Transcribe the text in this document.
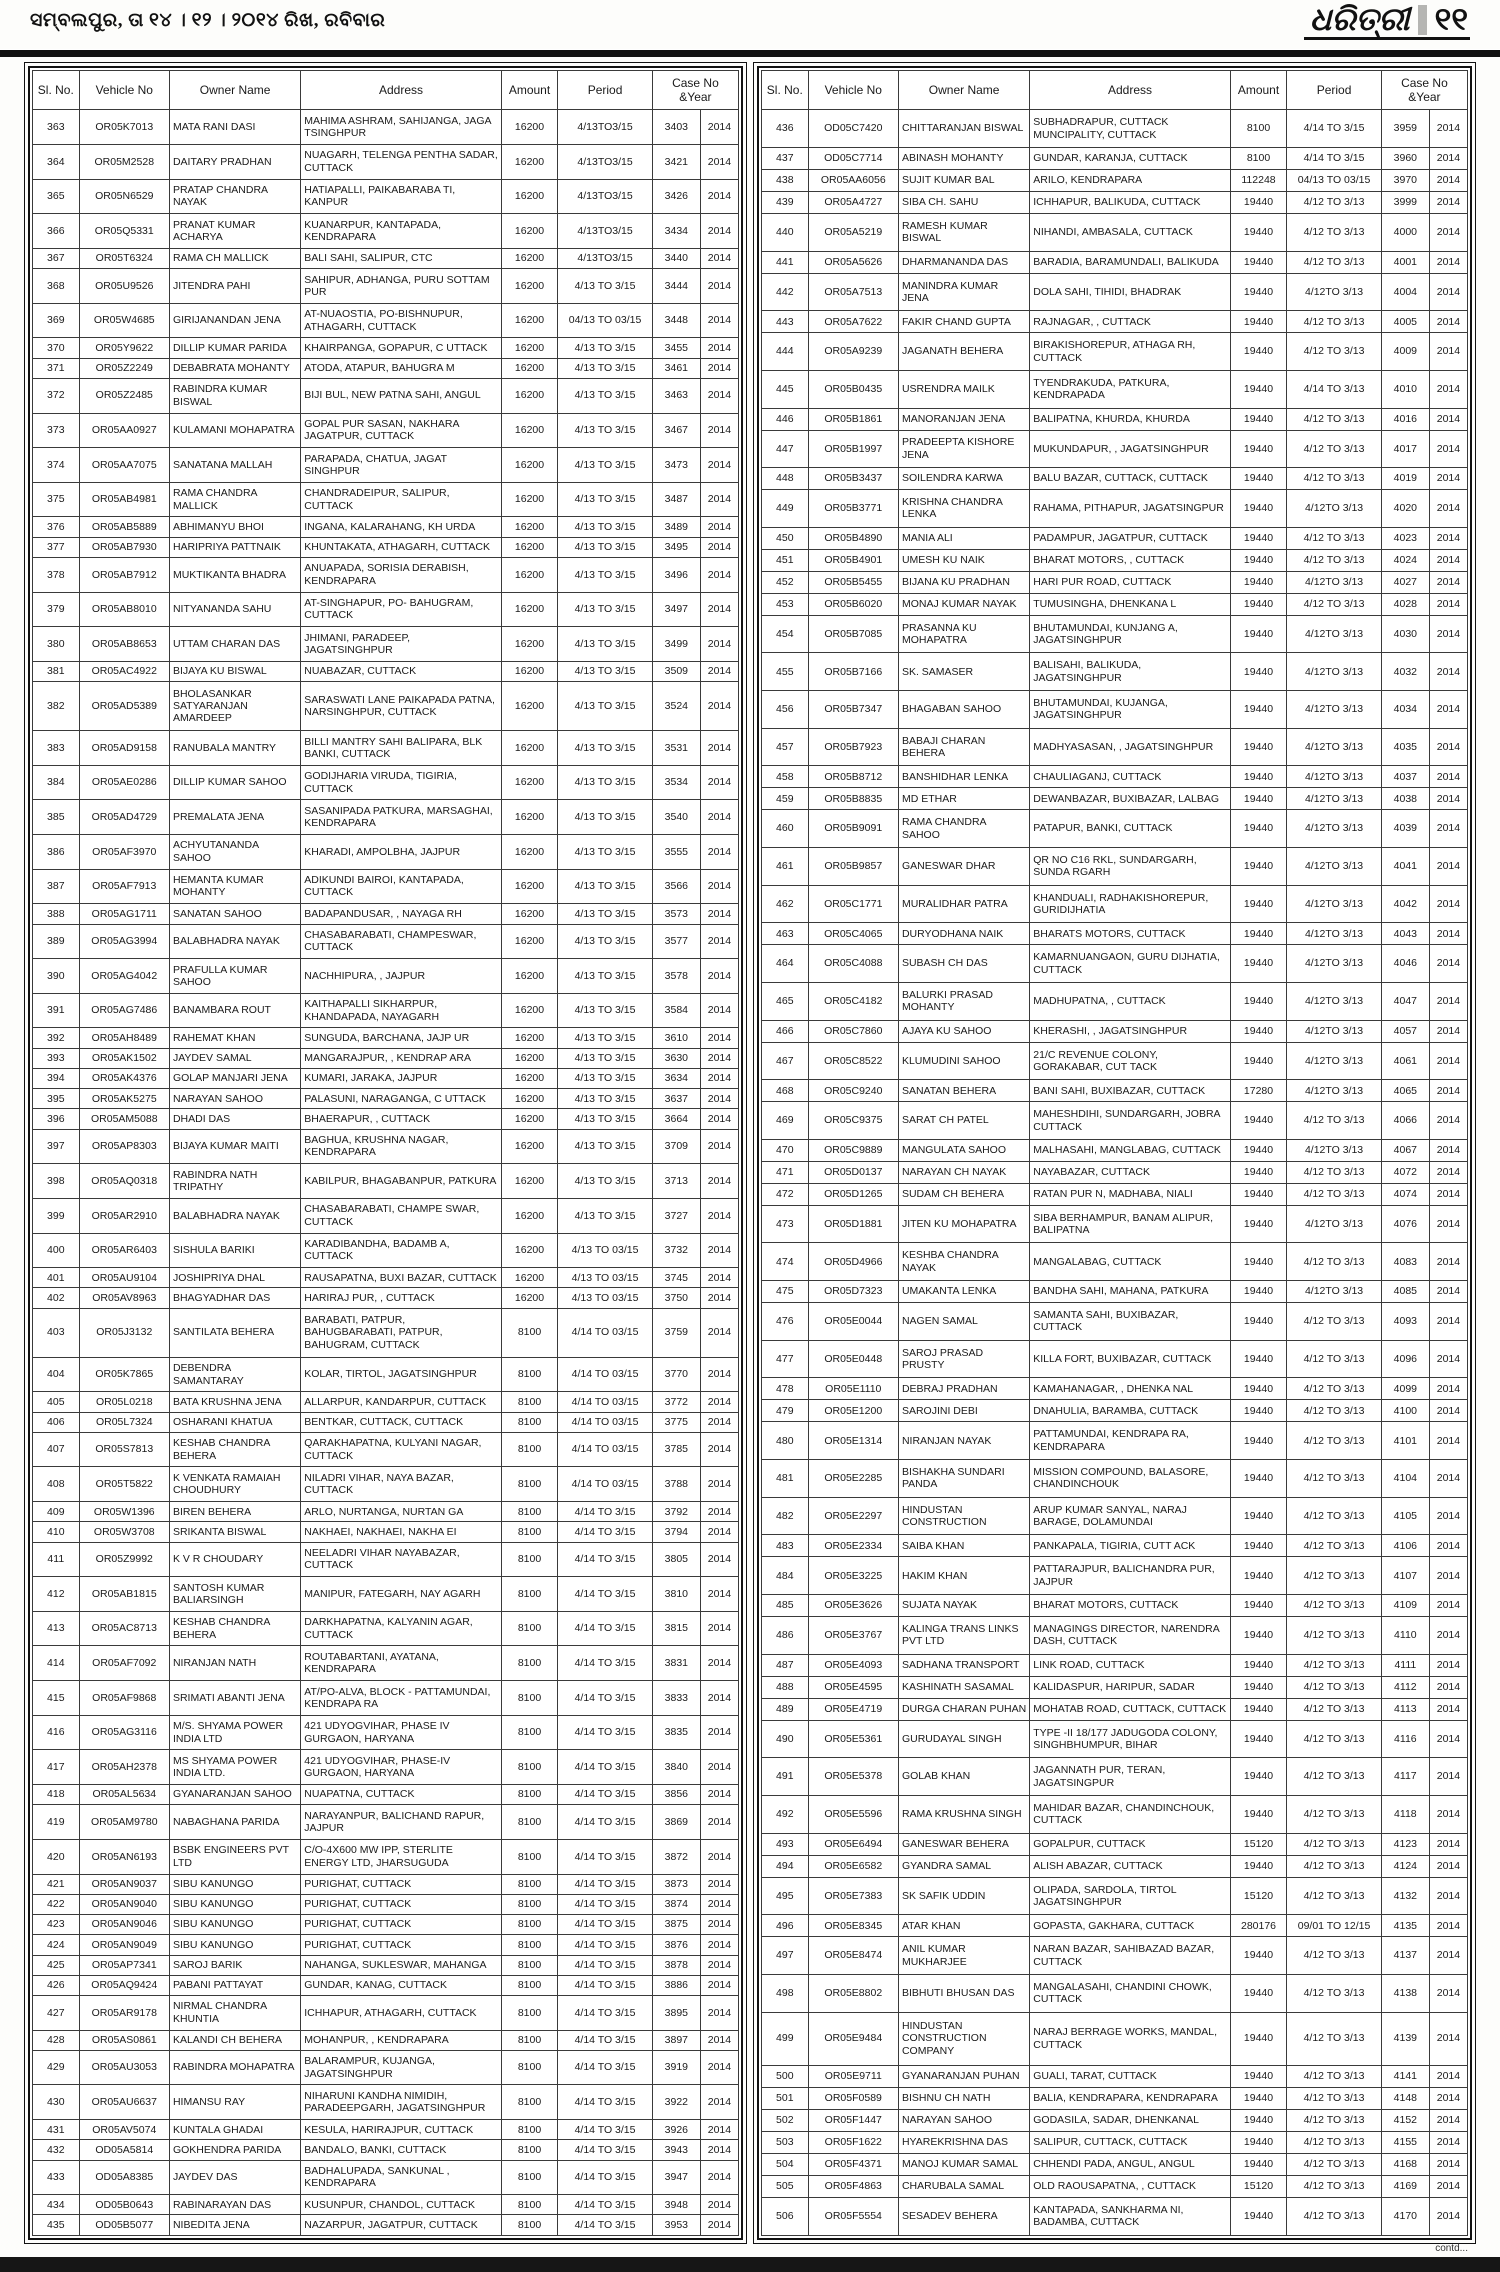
ସମ୍ବଲପୁର, ତା ୧୪ । ୧୨ । ୨୦୧୪ ରିଖ, ରବିବାର	ଧରିତ୍ରୀ ୧୧
Sl. No.	Vehicle No	Owner Name	Address	Amount	Period	Case No &Year	
363	OR05K7013	MATA RANI DASI	MAHIMA ASHRAM, SAHIJANGA, JAGA TSINGHPUR	16200	4/13TO3/15	3403	2014
364	OR05M2528	DAITARY PRADHAN	NUAGARH, TELENGA PENTHA SADAR, CUTTACK	16200	4/13TO3/15	3421	2014
365	OR05N6529	PRATAP CHANDRA NAYAK	HATIAPALLI, PAIKABARABA TI, KANPUR	16200	4/13TO3/15	3426	2014
366	OR05Q5331	PRANAT KUMAR ACHARYA	KUANARPUR, KANTAPADA, KENDRAPARA	16200	4/13TO3/15	3434	2014
367	OR05T6324	RAMA CH MALLICK	BALI SAHI, SALIPUR, CTC	16200	4/13TO3/15	3440	2014
368	OR05U9526	JITENDRA PAHI	SAHIPUR, ADHANGA, PURU SOTTAM PUR	16200	4/13 TO 3/15	3444	2014
369	OR05W4685	GIRIJANANDAN JENA	AT-NUAOSTIA, PO-BISHNUPUR, ATHAGARH, CUTTACK	16200	04/13 TO 03/15	3448	2014
370	OR05Y9622	DILLIP KUMAR PARIDA	KHAIRPANGA, GOPAPUR, C UTTACK	16200	4/13 TO 3/15	3455	2014
371	OR05Z2249	DEBABRATA MOHANTY	ATODA, ATAPUR, BAHUGRA M	16200	4/13 TO 3/15	3461	2014
372	OR05Z2485	RABINDRA KUMAR BISWAL	BIJI BUL, NEW PATNA SAHI, ANGUL	16200	4/13 TO 3/15	3463	2014
373	OR05AA0927	KULAMANI MOHAPATRA	GOPAL PUR SASAN, NAKHARA JAGATPUR, CUTTACK	16200	4/13 TO 3/15	3467	2014
374	OR05AA7075	SANATANA MALLAH	PARAPADA, CHATUA, JAGAT SINGHPUR	16200	4/13 TO 3/15	3473	2014
375	OR05AB4981	RAMA CHANDRA MALLICK	CHANDRADEIPUR, SALIPUR, CUTTACK	16200	4/13 TO 3/15	3487	2014
376	OR05AB5889	ABHIMANYU BHOI	INGANA, KALARAHANG, KH URDA	16200	4/13 TO 3/15	3489	2014
377	OR05AB7930	HARIPRIYA PATTNAIK	KHUNTAKATA, ATHAGARH, CUTTACK	16200	4/13 TO 3/15	3495	2014
378	OR05AB7912	MUKTIKANTA BHADRA	ANUAPADA, SORISIA DERABISH, KENDRAPARA	16200	4/13 TO 3/15	3496	2014
379	OR05AB8010	NITYANANDA SAHU	AT-SINGHAPUR, PO- BAHUGRAM, CUTTACK	16200	4/13 TO 3/15	3497	2014
380	OR05AB8653	UTTAM CHARAN DAS	JHIMANI, PARADEEP, JAGATSINGHPUR	16200	4/13 TO 3/15	3499	2014
381	OR05AC4922	BIJAYA KU BISWAL	NUABAZAR, CUTTACK	16200	4/13 TO 3/15	3509	2014
382	OR05AD5389	BHOLASANKAR SATYARANJAN AMARDEEP	SARASWATI LANE PAIKAPADA PATNA, NARSINGHPUR, CUTTACK	16200	4/13 TO 3/15	3524	2014
383	OR05AD9158	RANUBALA MANTRY	BILLI MANTRY SAHI BALIPARA, BLK BANKI, CUTTACK	16200	4/13 TO 3/15	3531	2014
384	OR05AE0286	DILLIP KUMAR SAHOO	GODIJHARIA VIRUDA, TIGIRIA, CUTTACK	16200	4/13 TO 3/15	3534	2014
385	OR05AD4729	PREMALATA JENA	SASANIPADA PATKURA, MARSAGHAI, KENDRAPARA	16200	4/13 TO 3/15	3540	2014
386	OR05AF3970	ACHYUTANANDA SAHOO	KHARADI, AMPOLBHA, JAJPUR	16200	4/13 TO 3/15	3555	2014
387	OR05AF7913	HEMANTA KUMAR MOHANTY	ADIKUNDI BAIROI, KANTAPADA, CUTTACK	16200	4/13 TO 3/15	3566	2014
388	OR05AG1711	SANATAN SAHOO	BADAPANDUSAR, , NAYAGA RH	16200	4/13 TO 3/15	3573	2014
389	OR05AG3994	BALABHADRA NAYAK	CHASABARABATI, CHAMPESWAR, CUTTACK	16200	4/13 TO 3/15	3577	2014
390	OR05AG4042	PRAFULLA KUMAR SAHOO	NACHHIPURA, , JAJPUR	16200	4/13 TO 3/15	3578	2014
391	OR05AG7486	BANAMBARA ROUT	KAITHAPALLI SIKHARPUR, KHANDAPADA, NAYAGARH	16200	4/13 TO 3/15	3584	2014
392	OR05AH8489	RAHEMAT KHAN	SUNGUDA, BARCHANA, JAJP UR	16200	4/13 TO 3/15	3610	2014
393	OR05AK1502	JAYDEV SAMAL	MANGARAJPUR, , KENDRAP ARA	16200	4/13 TO 3/15	3630	2014
394	OR05AK4376	GOLAP MANJARI JENA	KUMARI, JARAKA, JAJPUR	16200	4/13 TO 3/15	3634	2014
395	OR05AK5275	NARAYAN SAHOO	PALASUNI, NARAGANGA, C UTTACK	16200	4/13 TO 3/15	3637	2014
396	OR05AM5088	DHADI DAS	BHAERAPUR, , CUTTACK	16200	4/13 TO 3/15	3664	2014
397	OR05AP8303	BIJAYA KUMAR MAITI	BAGHUA, KRUSHNA NAGAR, KENDRAPARA	16200	4/13 TO 3/15	3709	2014
398	OR05AQ0318	RABINDRA NATH TRIPATHY	KABILPUR, BHAGABANPUR, PATKURA	16200	4/13 TO 3/15	3713	2014
399	OR05AR2910	BALABHADRA NAYAK	CHASABARABATI, CHAMPE SWAR, CUTTACK	16200	4/13 TO 3/15	3727	2014
400	OR05AR6403	SISHULA BARIKI	KARADIBANDHA, BADAMB A, CUTTACK	16200	4/13 TO 03/15	3732	2014
401	OR05AU9104	JOSHIPRIYA DHAL	RAUSAPATNA, BUXI BAZAR, CUTTACK	16200	4/13 TO 03/15	3745	2014
402	OR05AV8963	BHAGYADHAR DAS	HARIRAJ PUR, , CUTTACK	16200	4/13 TO 03/15	3750	2014
403	OR05J3132	SANTILATA BEHERA	BARABATI, PATPUR, BAHUGBARABATI, PATPUR, BAHUGRAM, CUTTACK	8100	4/14 TO 03/15	3759	2014
404	OR05K7865	DEBENDRA SAMANTARAY	KOLAR, TIRTOL, JAGATSINGHPUR	8100	4/14 TO 03/15	3770	2014
405	OR05L0218	BATA KRUSHNA JENA	ALLARPUR, KANDARPUR, CUTTACK	8100	4/14 TO 03/15	3772	2014
406	OR05L7324	OSHARANI KHATUA	BENTKAR, CUTTACK, CUTTACK	8100	4/14 TO 03/15	3775	2014
407	OR05S7813	KESHAB CHANDRA BEHERA	QARAKHAPATNA, KULYANI NAGAR, CUTTACK	8100	4/14 TO 03/15	3785	2014
408	OR05T5822	K VENKATA RAMAIAH CHOUDHURY	NILADRI VIHAR, NAYA BAZAR, CUTTACK	8100	4/14 TO 03/15	3788	2014
409	OR05W1396	BIREN BEHERA	ARLO, NURTANGA, NURTAN GA	8100	4/14 TO 3/15	3792	2014
410	OR05W3708	SRIKANTA BISWAL	NAKHAEI, NAKHAEI, NAKHA EI	8100	4/14 TO 3/15	3794	2014
411	OR05Z9992	K V R CHOUDARY	NEELADRI VIHAR NAYABAZAR, CUTTACK	8100	4/14 TO 3/15	3805	2014
412	OR05AB1815	SANTOSH KUMAR BALIARSINGH	MANIPUR, FATEGARH, NAY AGARH	8100	4/14 TO 3/15	3810	2014
413	OR05AC8713	KESHAB CHANDRA BEHERA	DARKHAPATNA, KALYANIN AGAR, CUTTACK	8100	4/14 TO 3/15	3815	2014
414	OR05AF7092	NIRANJAN NATH	ROUTABARTANI, AYATANA, KENDRAPARA	8100	4/14 TO 3/15	3831	2014
415	OR05AF9868	SRIMATI ABANTI JENA	AT/PO-ALVA, BLOCK - PATTAMUNDAI, KENDRAPA RA	8100	4/14 TO 3/15	3833	2014
416	OR05AG3116	M/S. SHYAMA POWER INDIA LTD	421 UDYOGVIHAR, PHASE IV GURGAON, HARYANA	8100	4/14 TO 3/15	3835	2014
417	OR05AH2378	MS SHYAMA POWER INDIA LTD.	421 UDYOGVIHAR, PHASE-IV GURGAON, HARYANA	8100	4/14 TO 3/15	3840	2014
418	OR05AL5634	GYANARANJAN SAHOO	NUAPATNA, CUTTACK	8100	4/14 TO 3/15	3856	2014
419	OR05AM9780	NABAGHANA PARIDA	NARAYANPUR, BALICHAND RAPUR, JAJPUR	8100	4/14 TO 3/15	3869	2014
420	OR05AN6193	BSBK ENGINEERS PVT LTD	C/O-4X600 MW IPP, STERLITE ENERGY LTD, JHARSUGUDA	8100	4/14 TO 3/15	3872	2014
421	OR05AN9037	SIBU KANUNGO	PURIGHAT, CUTTACK	8100	4/14 TO 3/15	3873	2014
422	OR05AN9040	SIBU KANUNGO	PURIGHAT, CUTTACK	8100	4/14 TO 3/15	3874	2014
423	OR05AN9046	SIBU KANUNGO	PURIGHAT, CUTTACK	8100	4/14 TO 3/15	3875	2014
424	OR05AN9049	SIBU KANUNGO	PURIGHAT, CUTTACK	8100	4/14 TO 3/15	3876	2014
425	OR05AP7341	SAROJ BARIK	NAHANGA, SUKLESWAR, MAHANGA	8100	4/14 TO 3/15	3878	2014
426	OR05AQ9424	PABANI PATTAYAT	GUNDAR, KANAG, CUTTACK	8100	4/14 TO 3/15	3886	2014
427	OR05AR9178	NIRMAL CHANDRA KHUNTIA	ICHHAPUR, ATHAGARH, CUTTACK	8100	4/14 TO 3/15	3895	2014
428	OR05AS0861	KALANDI CH BEHERA	MOHANPUR, , KENDRAPARA	8100	4/14 TO 3/15	3897	2014
429	OR05AU3053	RABINDRA MOHAPATRA	BALARAMPUR, KUJANGA, JAGATSINGHPUR	8100	4/14 TO 3/15	3919	2014
430	OR05AU6637	HIMANSU RAY	NIHARUNI KANDHA NIMIDIH, PARADEEPGARH, JAGATSINGHPUR	8100	4/14 TO 3/15	3922	2014
431	OR05AV5074	KUNTALA GHADAI	KESULA, HARIRAJPUR, CUTTACK	8100	4/14 TO 3/15	3926	2014
432	OD05A5814	GOKHENDRA PARIDA	BANDALO, BANKI, CUTTACK	8100	4/14 TO 3/15	3943	2014
433	OD05A8385	JAYDEV DAS	BADHALUPADA, SANKUNAL , KENDRAPARA	8100	4/14 TO 3/15	3947	2014
434	OD05B0643	RABINARAYAN DAS	KUSUNPUR, CHANDOL, CUTTACK	8100	4/14 TO 3/15	3948	2014
435	OD05B5077	NIBEDITA JENA	NAZARPUR, JAGATPUR, CUTTACK	8100	4/14 TO 3/15	3953	2014
Sl. No.	Vehicle No	Owner Name	Address	Amount	Period	Case No &Year	
436	OD05C7420	CHITTARANJAN BISWAL	SUBHADRAPUR, CUTTACK MUNCIPALITY, CUTTACK	8100	4/14 TO 3/15	3959	2014
437	OD05C7714	ABINASH MOHANTY	GUNDAR, KARANJA, CUTTACK	8100	4/14 TO 3/15	3960	2014
438	OR05AA6056	SUJIT KUMAR BAL	ARILO, KENDRAPARA	112248	04/13 TO 03/15	3970	2014
439	OR05A4727	SIBA CH. SAHU	ICHHAPUR, BALIKUDA, CUTTACK	19440	4/12 TO 3/13	3999	2014
440	OR05A5219	RAMESH KUMAR BISWAL	NIHANDI, AMBASALA, CUTTACK	19440	4/12 TO 3/13	4000	2014
441	OR05A5626	DHARMANANDA DAS	BARADIA, BARAMUNDALI, BALIKUDA	19440	4/12 TO 3/13	4001	2014
442	OR05A7513	MANINDRA KUMAR JENA	DOLA SAHI, TIHIDI, BHADRAK	19440	4/12TO 3/13	4004	2014
443	OR05A7622	FAKIR CHAND GUPTA	RAJNAGAR, , CUTTACK	19440	4/12 TO 3/13	4005	2014
444	OR05A9239	JAGANATH BEHERA	BIRAKISHOREPUR, ATHAGA RH, CUTTACK	19440	4/12 TO 3/13	4009	2014
445	OR05B0435	USRENDRA MAILK	TYENDRAKUDA, PATKURA, KENDRAPADA	19440	4/14 TO 3/13	4010	2014
446	OR05B1861	MANORANJAN JENA	BALIPATNA, KHURDA, KHURDA	19440	4/12 TO 3/13	4016	2014
447	OR05B1997	PRADEEPTA KISHORE JENA	MUKUNDAPUR, , JAGATSINGHPUR	19440	4/12 TO 3/13	4017	2014
448	OR05B3437	SOILENDRA KARWA	BALU BAZAR, CUTTACK, CUTTACK	19440	4/12 TO 3/13	4019	2014
449	OR05B3771	KRISHNA CHANDRA LENKA	RAHAMA, PITHAPUR, JAGATSINGPUR	19440	4/12TO 3/13	4020	2014
450	OR05B4890	MANIA ALI	PADAMPUR, JAGATPUR, CUTTACK	19440	4/12 TO 3/13	4023	2014
451	OR05B4901	UMESH KU NAIK	BHARAT MOTORS, , CUTTACK	19440	4/12 TO 3/13	4024	2014
452	OR05B5455	BIJANA KU PRADHAN	HARI PUR ROAD, CUTTACK	19440	4/12TO 3/13	4027	2014
453	OR05B6020	MONAJ KUMAR NAYAK	TUMUSINGHA, DHENKANA L	19440	4/12 TO 3/13	4028	2014
454	OR05B7085	PRASANNA KU MOHAPATRA	BHUTAMUNDAI, KUNJANG A, JAGATSINGHPUR	19440	4/12TO 3/13	4030	2014
455	OR05B7166	SK. SAMASER	BALISAHI, BALIKUDA, JAGATSINGHPUR	19440	4/12TO 3/13	4032	2014
456	OR05B7347	BHAGABAN SAHOO	BHUTAMUNDAI, KUJANGA, JAGATSINGHPUR	19440	4/12TO 3/13	4034	2014
457	OR05B7923	BABAJI CHARAN BEHERA	MADHYASASAN, , JAGATSINGHPUR	19440	4/12TO 3/13	4035	2014
458	OR05B8712	BANSHIDHAR LENKA	CHAULIAGANJ, CUTTACK	19440	4/12TO 3/13	4037	2014
459	OR05B8835	MD ETHAR	DEWANBAZAR, BUXIBAZAR, LALBAG	19440	4/12TO 3/13	4038	2014
460	OR05B9091	RAMA CHANDRA SAHOO	PATAPUR, BANKI, CUTTACK	19440	4/12TO 3/13	4039	2014
461	OR05B9857	GANESWAR DHAR	QR NO C16 RKL, SUNDARGARH, SUNDA RGARH	19440	4/12TO 3/13	4041	2014
462	OR05C1771	MURALIDHAR PATRA	KHANDUALI, RADHAKISHOREPUR, GURIDIJHATIA	19440	4/12TO 3/13	4042	2014
463	OR05C4065	DURYODHANA NAIK	BHARATS MOTORS, CUTTACK	19440	4/12TO 3/13	4043	2014
464	OR05C4088	SUBASH CH DAS	KAMARNUANGAON, GURU DIJHATIA, CUTTACK	19440	4/12TO 3/13	4046	2014
465	OR05C4182	BALURKI PRASAD MOHANTY	MADHUPATNA, , CUTTACK	19440	4/12TO 3/13	4047	2014
466	OR05C7860	AJAYA KU SAHOO	KHERASHI, , JAGATSINGHPUR	19440	4/12TO 3/13	4057	2014
467	OR05C8522	KLUMUDINI SAHOO	21/C REVENUE COLONY, GORAKABAR, CUT TACK	19440	4/12TO 3/13	4061	2014
468	OR05C9240	SANATAN BEHERA	BANI SAHI, BUXIBAZAR, CUTTACK	17280	4/12TO 3/13	4065	2014
469	OR05C9375	SARAT CH PATEL	MAHESHDIHI, SUNDARGARH, JOBRA CUTTACK	19440	4/12 TO 3/13	4066	2014
470	OR05C9889	MANGULATA SAHOO	MALHASAHI, MANGLABAG, CUTTACK	19440	4/12TO 3/13	4067	2014
471	OR05D0137	NARAYAN CH NAYAK	NAYABAZAR, CUTTACK	19440	4/12 TO 3/13	4072	2014
472	OR05D1265	SUDAM CH BEHERA	RATAN PUR N, MADHABA, NIALI	19440	4/12 TO 3/13	4074	2014
473	OR05D1881	JITEN KU MOHAPATRA	SIBA BERHAMPUR, BANAM ALIPUR, BALIPATNA	19440	4/12TO 3/13	4076	2014
474	OR05D4966	KESHBA CHANDRA NAYAK	MANGALABAG, CUTTACK	19440	4/12 TO 3/13	4083	2014
475	OR05D7323	UMAKANTA LENKA	BANDHA SAHI, MAHANA, PATKURA	19440	4/12TO 3/13	4085	2014
476	OR05E0044	NAGEN SAMAL	SAMANTA SAHI, BUXIBAZAR, CUTTACK	19440	4/12 TO 3/13	4093	2014
477	OR05E0448	SAROJ PRASAD PRUSTY	KILLA FORT, BUXIBAZAR, CUTTACK	19440	4/12 TO 3/13	4096	2014
478	OR05E1110	DEBRAJ PRADHAN	KAMAHANAGAR, , DHENKA NAL	19440	4/12 TO 3/13	4099	2014
479	OR05E1200	SAROJINI DEBI	DNAHULIA, BARAMBA, CUTTACK	19440	4/12 TO 3/13	4100	2014
480	OR05E1314	NIRANJAN NAYAK	PATTAMUNDAI, KENDRAPA RA, KENDRAPARA	19440	4/12 TO 3/13	4101	2014
481	OR05E2285	BISHAKHA SUNDARI PANDA	MISSION COMPOUND, BALASORE, CHANDINCHOUK	19440	4/12 TO 3/13	4104	2014
482	OR05E2297	HINDUSTAN CONSTRUCTION	ARUP KUMAR SANYAL, NARAJ BARAGE, DOLAMUNDAI	19440	4/12 TO 3/13	4105	2014
483	OR05E2334	SAIBA KHAN	PANKAPALA, TIGIRIA, CUTT ACK	19440	4/12 TO 3/13	4106	2014
484	OR05E3225	HAKIM KHAN	PATTARAJPUR, BALICHANDRA PUR, JAJPUR	19440	4/12 TO 3/13	4107	2014
485	OR05E3626	SUJATA NAYAK	BHARAT MOTORS, CUTTACK	19440	4/12 TO 3/13	4109	2014
486	OR05E3767	KALINGA TRANS LINKS PVT LTD	MANAGINGS DIRECTOR, NARENDRA DASH, CUTTACK	19440	4/12 TO 3/13	4110	2014
487	OR05E4093	SADHANA TRANSPORT	LINK ROAD, CUTTACK	19440	4/12 TO 3/13	4111	2014
488	OR05E4595	KASHINATH SASAMAL	KALIDASPUR, HARIPUR, SADAR	19440	4/12 TO 3/13	4112	2014
489	OR05E4719	DURGA CHARAN PUHAN	MOHATAB ROAD, CUTTACK, CUTTACK	19440	4/12 TO 3/13	4113	2014
490	OR05E5361	GURUDAYAL SINGH	TYPE -II 18/177 JADUGODA COLONY, SINGHBHUMPUR, BIHAR	19440	4/12 TO 3/13	4116	2014
491	OR05E5378	GOLAB KHAN	JAGANNATH PUR, TERAN, JAGATSINGPUR	19440	4/12 TO 3/13	4117	2014
492	OR05E5596	RAMA KRUSHNA SINGH	MAHIDAR BAZAR, CHANDINCHOUK, CUTTACK	19440	4/12 TO 3/13	4118	2014
493	OR05E6494	GANESWAR BEHERA	GOPALPUR, CUTTACK	15120	4/12 TO 3/13	4123	2014
494	OR05E6582	GYANDRA SAMAL	ALISH ABAZAR, CUTTACK	19440	4/12 TO 3/13	4124	2014
495	OR05E7383	SK SAFIK UDDIN	OLIPADA, SARDOLA, TIRTOL JAGATSINGHPUR	15120	4/12 TO 3/13	4132	2014
496	OR05E8345	ATAR KHAN	GOPASTA, GAKHARA, CUTTACK	280176	09/01 TO 12/15	4135	2014
497	OR05E8474	ANIL KUMAR MUKHARJEE	NARAN BAZAR, SAHIBAZAD BAZAR, CUTTACK	19440	4/12 TO 3/13	4137	2014
498	OR05E8802	BIBHUTI BHUSAN DAS	MANGALASAHI, CHANDINI CHOWK, CUTTACK	19440	4/12 TO 3/13	4138	2014
499	OR05E9484	HINDUSTAN CONSTRUCTION COMPANY	NARAJ BERRAGE WORKS, MANDAL, CUTTACK	19440	4/12 TO 3/13	4139	2014
500	OR05E9711	GYANARANJAN PUHAN	GUALI, TARAT, CUTTACK	19440	4/12 TO 3/13	4141	2014
501	OR05F0589	BISHNU CH NATH	BALIA, KENDRAPARA, KENDRAPARA	19440	4/12 TO 3/13	4148	2014
502	OR05F1447	NARAYAN SAHOO	GODASILA, SADAR, DHENKANAL	19440	4/12 TO 3/13	4152	2014
503	OR05F1622	HYAREKRISHNA DAS	SALIPUR, CUTTACK, CUTTACK	19440	4/12 TO 3/13	4155	2014
504	OR05F4371	MANOJ KUMAR SAMAL	CHHENDI PADA, ANGUL, ANGUL	19440	4/12 TO 3/13	4168	2014
505	OR05F4863	CHARUBALA SAMAL	OLD RAOUSAPATNA, , CUTTACK	15120	4/12 TO 3/13	4169	2014
506	OR05F5554	SESADEV BEHERA	KANTAPADA, SANKHARMA NI, BADAMBA, CUTTACK	19440	4/12 TO 3/13	4170	2014
contd...
